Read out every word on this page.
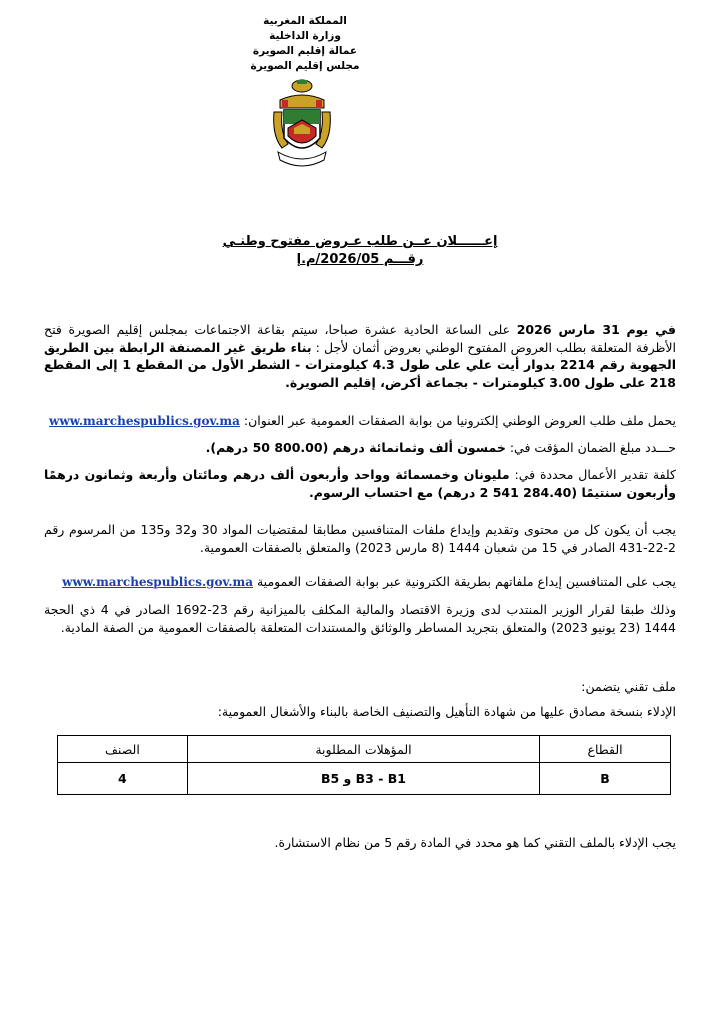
المملكة المغربية
وزارة الداخلية
عمالة إقليم الصويرة
مجلس إقليم الصويرة
إعــــــلان عــن طلب عـروض مفتوح وطنـي
رقـــم 2026/05/م.إ
في يوم 31 مارس 2026 على الساعة الحادية عشرة صباحا، سيتم بقاعة الاجتماعات بمجلس إقليم الصويرة فتح الأظرفة المتعلقة بطلب العروض المفتوح الوطني بعروض أثمان لأجل : بناء طريق غير المصنفة الرابطة بين الطريق الجهوية رقم 2214 بدوار أيت علي على طول 4.3 كيلومترات - الشطر الأول من المقطع 1 إلى المقطع 218 على طول 3.00 كيلومترات - بجماعة أكرض، إقليم الصويرة.
يحمل ملف طلب العروض الوطني إلكترونيا من بوابة الصفقات العمومية عبر العنوان: www.marchespublics.gov.ma
حـــدد مبلغ الضمان المؤقت في: خمسون ألف وثمانمائة درهم (800.00 50 درهم).
كلفة تقدير الأعمال محددة في: مليونان وخمسمائة وواحد وأربعون ألف درهم ومائتان وأربعة وثمانون درهمًا وأربعون سنتيمًا (284.40 541 2 درهم) مع احتساب الرسوم.
يجب أن يكون كل من محتوى وتقديم وإيداع ملفات المتنافسين مطابقا لمقتضيات المواد 30 و32 و135 من المرسوم رقم 2-22-431 الصادر في 15 من شعبان 1444 (8 مارس 2023) والمتعلق بالصفقات العمومية.
يجب على المتنافسين إيداع ملفاتهم بطريقة الكترونية عبر بوابة الصفقات العمومية www.marchespublics.gov.ma
وذلك طبقا لقرار الوزير المنتدب لدى وزيرة الاقتصاد والمالية المكلف بالميزانية رقم 23-1692 الصادر في 4 ذي الحجة 1444 (23 يونيو 2023) والمتعلق بتجريد المساطر والوثائق والمستندات المتعلقة بالصفقات العمومية من الصفة المادية.
ملف تقني يتضمن:
الإدلاء بنسخة مصادق عليها من شهادة التأهيل والتصنيف الخاصة بالبناء والأشغال العمومية:
القطاع	المؤهلات المطلوبة	الصنف
B	B3 - B1 و B5	4
يجب الإدلاء بالملف التقني كما هو محدد في المادة رقم 5 من نظام الاستشارة.
